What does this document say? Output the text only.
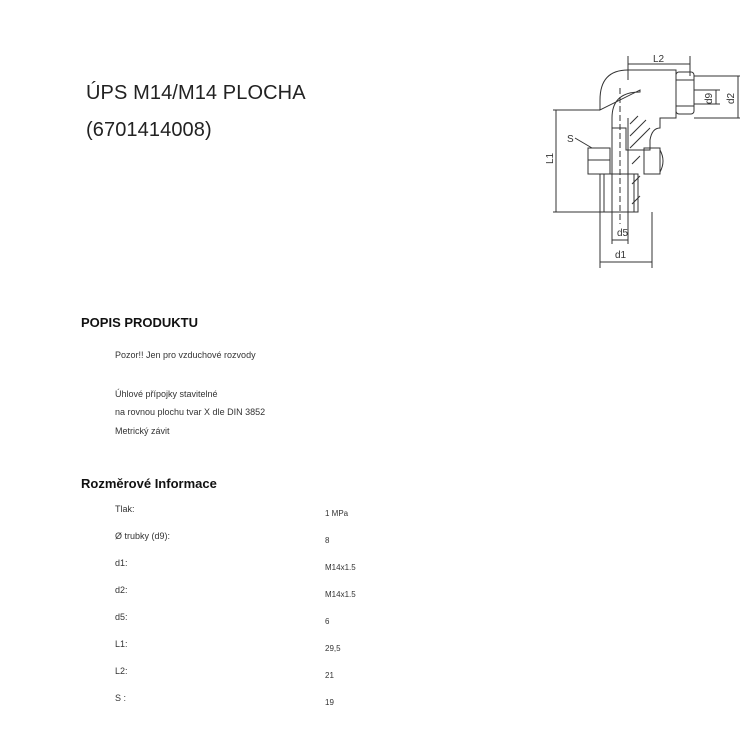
ÚPS M14/M14 PLOCHA
(6701414008)
L2
d9 d2
S
L1
d5
d1
POPIS PRODUKTU
Pozor!! Jen pro vzduchové rozvody
Úhlové přípojky stavitelné
na rovnou plochu tvar X dle DIN 3852
Metrický závit
Rozměrové Informace
Tlak:	1 MPa
Ø trubky (d9):	8
d1:	M14x1.5
d2:	M14x1.5
d5:	6
L1:	29,5
L2:	21
S :	19
